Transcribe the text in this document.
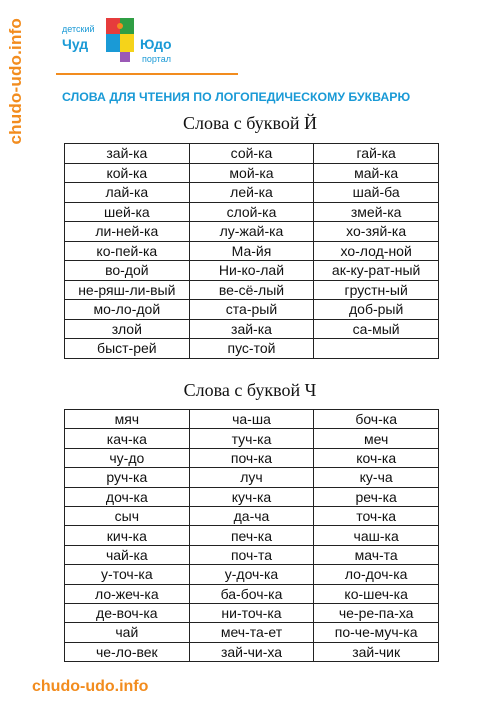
chudo-udo.info	детский
Чуд	Юдо
портал
СЛОВА ДЛЯ ЧТЕНИЯ ПО ЛОГОПЕДИЧЕСКОМУ БУКВАРЮ
Слова с буквой Й
зай-ка	сой-ка	гай-ка
кой-ка	мой-ка	май-ка
лай-ка	лей-ка	шай-ба
шей-ка	слой-ка	змей-ка
ли-ней-ка	лу-жай-ка	хо-зяй-ка
ко-пей-ка	Ма-йя	хо-лод-ной
во-дой	Ни-ко-лай	ак-ку-рат-ный
не-ряш-ли-вый	ве-сё-лый	грустн-ый
мо-ло-дой	ста-рый	доб-рый
злой	зай-ка	са-мый
быст-рей	пус-той	
Слова с буквой Ч
мяч	ча-ша	боч-ка
кач-ка	туч-ка	меч
чу-до	поч-ка	коч-ка
руч-ка	луч	ку-ча
доч-ка	куч-ка	реч-ка
сыч	да-ча	точ-ка
кич-ка	печ-ка	чаш-ка
чай-ка	поч-та	мач-та
у-точ-ка	у-доч-ка	ло-доч-ка
ло-жеч-ка	ба-боч-ка	ко-шеч-ка
де-воч-ка	ни-точ-ка	че-ре-па-ха
чай	меч-та-ет	по-че-муч-ка
че-ло-век	зай-чи-ха	зай-чик
chudo-udo.info
